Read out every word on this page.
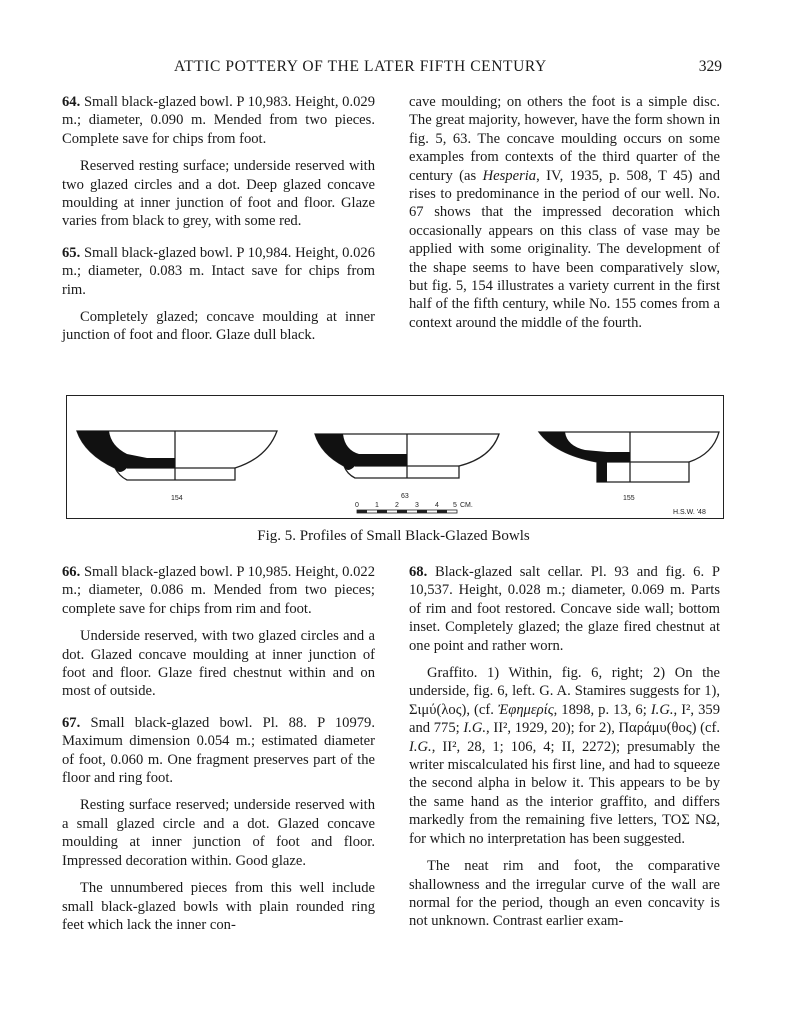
ATTIC POTTERY OF THE LATER FIFTH CENTURY	329

64. Small black-glazed bowl. P 10,983. Height, 0.029 m.; diameter, 0.090 m. Mended from two pieces. Complete save for chips from foot.

Reserved resting surface; underside reserved with two glazed circles and a dot. Deep glazed concave moulding at inner junction of foot and floor. Glaze varies from black to grey, with some red.

65. Small black-glazed bowl. P 10,984. Height, 0.026 m.; diameter, 0.083 m. Intact save for chips from rim.

Completely glazed; concave moulding at inner junction of foot and floor. Glaze dull black.

cave moulding; on others the foot is a simple disc. The great majority, however, have the form shown in fig. 5, 63. The concave moulding occurs on some examples from contexts of the third quarter of the century (as Hesperia, IV, 1935, p. 508, T 45) and rises to predominance in the period of our well. No. 67 shows that the impressed decoration which occasionally appears on this class of vase may be applied with some originality. The development of the shape seems to have been comparatively slow, but fig. 5, 154 illustrates a variety current in the first half of the fifth century, while No. 155 comes from a context around the middle of the fourth.

154	63	155
0 1 2 3 4 5 CM.
H.S.W. '48
Fig. 5. Profiles of Small Black-Glazed Bowls

66. Small black-glazed bowl. P 10,985. Height, 0.022 m.; diameter, 0.086 m. Mended from two pieces; complete save for chips from rim and foot.

Underside reserved, with two glazed circles and a dot. Glazed concave moulding at inner junction of foot and floor. Glaze fired chestnut within and on most of outside.

67. Small black-glazed bowl. Pl. 88. P 10979. Maximum dimension 0.054 m.; estimated diameter of foot, 0.060 m. One fragment preserves part of the floor and ring foot.

Resting surface reserved; underside reserved with a small glazed circle and a dot. Glazed concave moulding at inner junction of foot and floor. Impressed decoration within. Good glaze.

The unnumbered pieces from this well include small black-glazed bowls with plain rounded ring feet which lack the inner con-

68. Black-glazed salt cellar. Pl. 93 and fig. 6. P 10,537. Height, 0.028 m.; diameter, 0.069 m. Parts of rim and foot restored. Concave side wall; bottom inset. Completely glazed; the glaze fired chestnut at one point and rather worn.

Graffito. 1) Within, fig. 6, right; 2) On the underside, fig. 6, left. G. A. Stamires suggests for 1), Σιμύ(λος), (cf. Ἐφημερίς, 1898, p. 13, 6; I.G., I², 359 and 775; I.G., II², 1929, 20); for 2), Παράμυ(θος) (cf. I.G., II², 28, 1; 106, 4; II, 2272); presumably the writer miscalculated his first line, and had to squeeze the second alpha in below it. This appears to be by the same hand as the interior graffito, and differs markedly from the remaining five letters, ΤΟΣ ΝΩ, for which no interpretation has been suggested.

The neat rim and foot, the comparative shallowness and the irregular curve of the wall are normal for the period, though an even concavity is not unknown. Contrast earlier exam-
